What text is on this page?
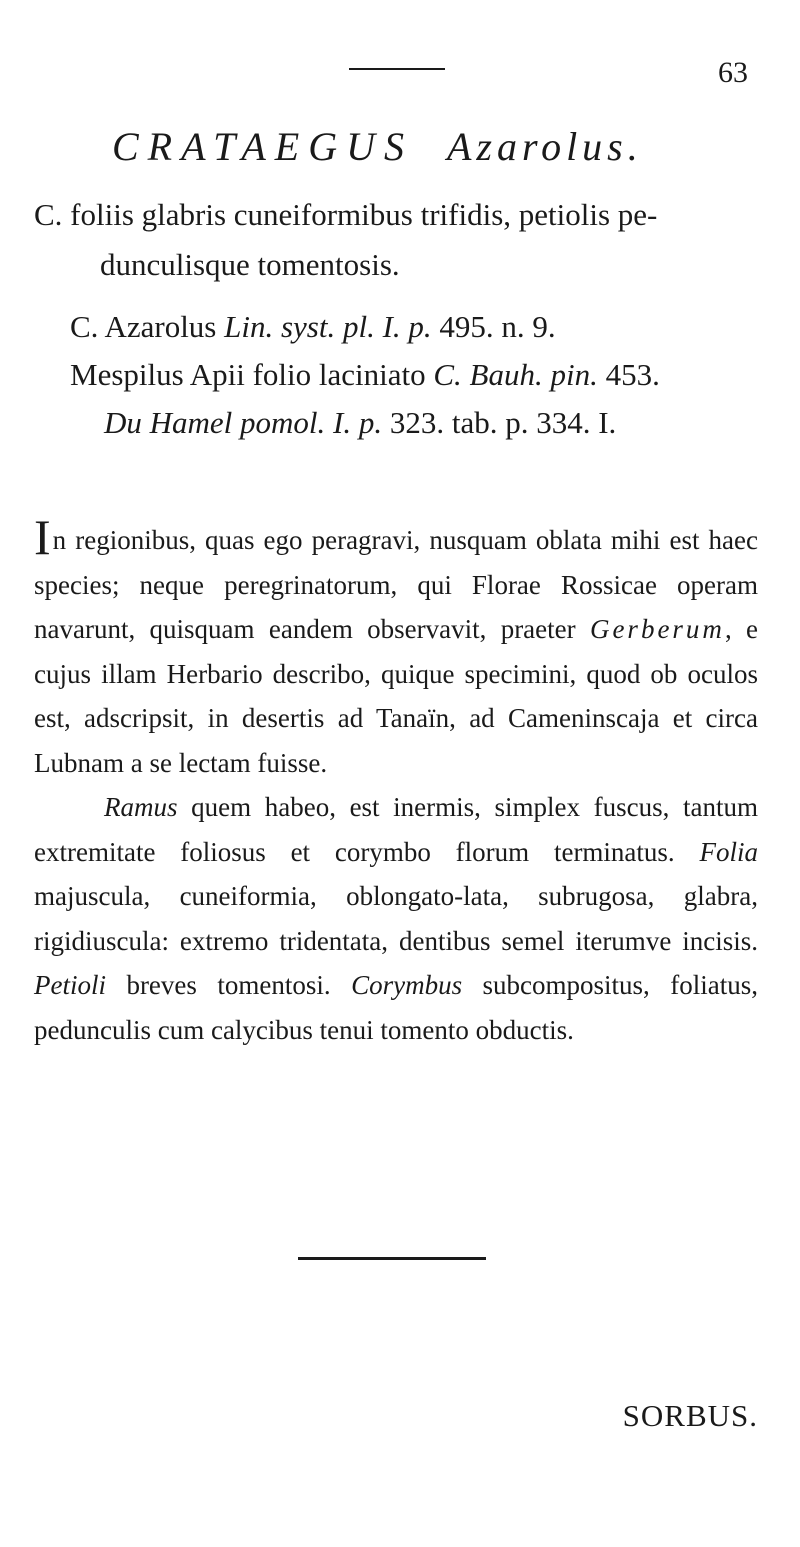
63
CRATAEGUS Azarolus.
C. foliis glabris cuneiformibus trifidis, petiolis pe-
dunculisque tomentosis.
C. Azarolus Lin. syst. pl. I. p. 495. n. 9.
Mespilus Apii folio laciniato C. Bauh. pin. 453.
Du Hamel pomol. I. p. 323. tab. p. 334. I.

In regionibus, quas ego peragravi, nusquam oblata mihi est haec species; neque peregrinatorum, qui Florae Rossicae operam navarunt, quisquam eandem observavit, praeter Gerberum, e cujus illam Herbario describo, quique specimini, quod ob oculos est, adscripsit, in desertis ad Tanaïn, ad Cameninscaja et circa Lubnam a se lectam fuisse.

Ramus quem habeo, est inermis, simplex fuscus, tantum extremitate foliosus et corymbo florum terminatus. Folia majuscula, cuneiformia, oblongato-lata, subrugosa, glabra, rigidiuscula: extremo tridentata, dentibus semel iterumve incisis. Petioli breves tomentosi. Corymbus subcompositus, foliatus, pedunculis cum calycibus tenui tomento obductis.

SORBUS.
